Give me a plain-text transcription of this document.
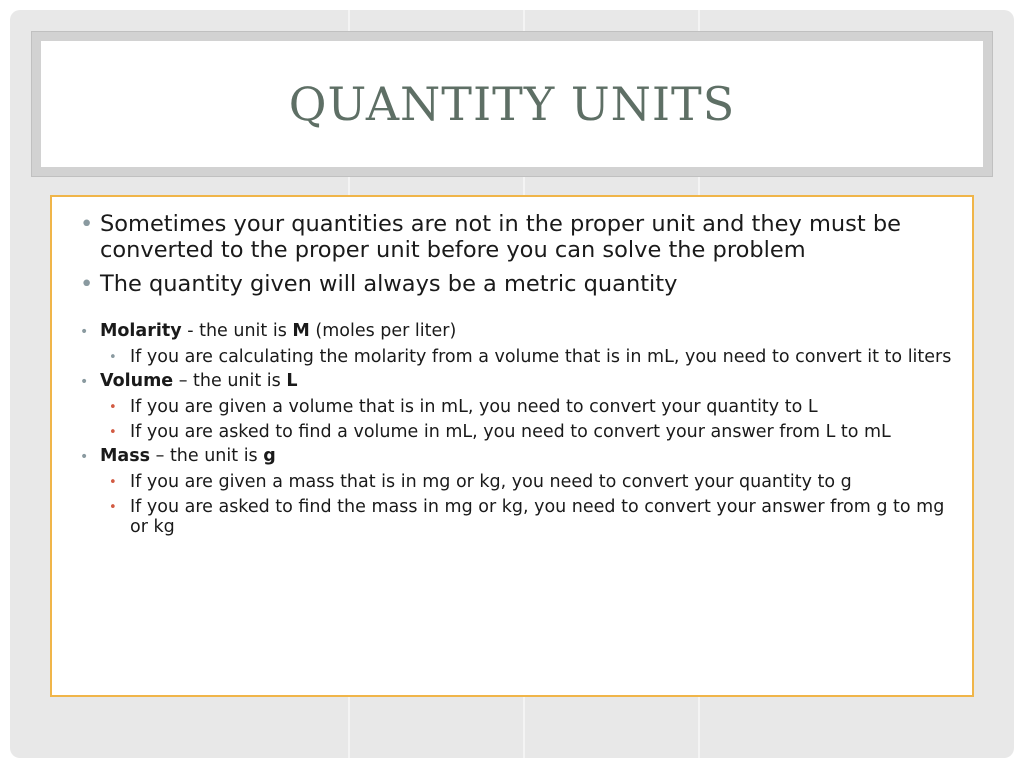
QUANTITY UNITS
• Sometimes your quantities are not in the proper unit and they must be converted to the proper unit before you can solve the problem
• The quantity given will always be a metric quantity
• Molarity - the unit is M (moles per liter)
• If you are calculating the molarity from a volume that is in mL, you need to convert it to liters
• Volume – the unit is L
• If you are given a volume that is in mL, you need to convert your quantity to L
• If you are asked to find a volume in mL, you need to convert your answer from L to mL
• Mass – the unit is g
• If you are given a mass that is in mg or kg, you need to convert your quantity to g
• If you are asked to find the mass in mg or kg, you need to convert your answer from g to mg or kg
